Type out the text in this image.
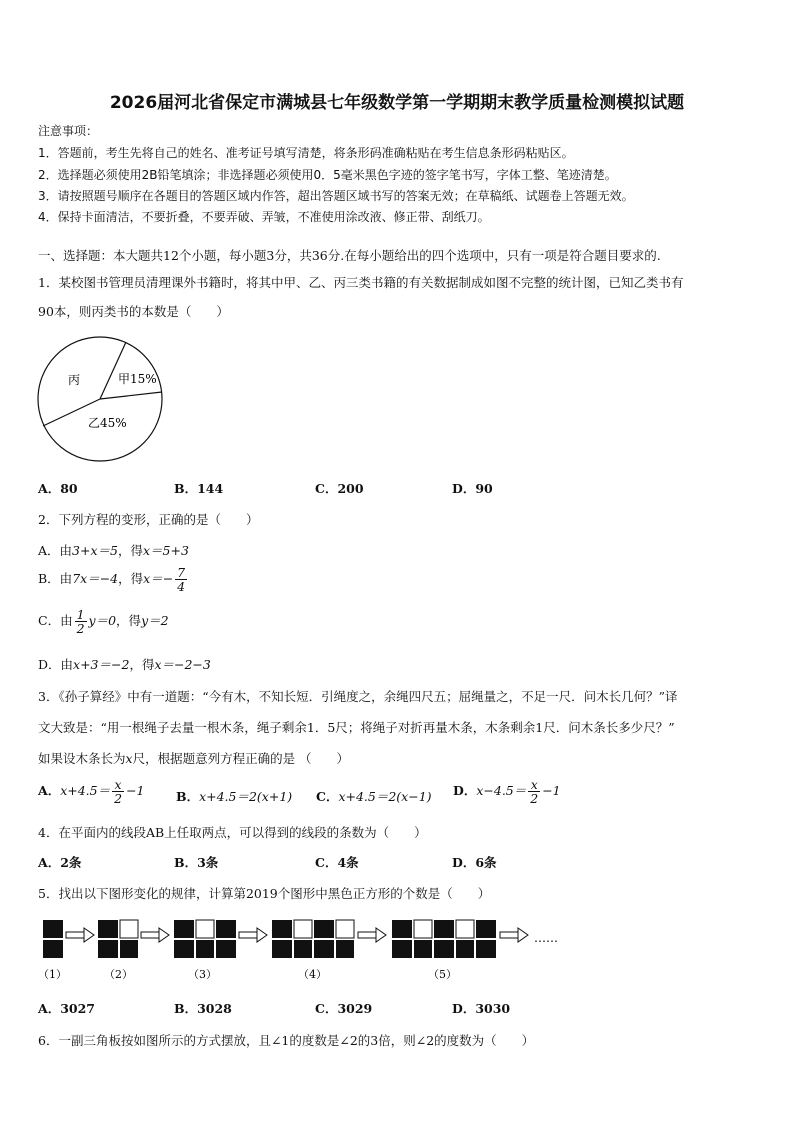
2026届河北省保定市满城县七年级数学第一学期期末教学质量检测模拟试题
注意事项：
1．答题前，考生先将自己的姓名、准考证号填写清楚，将条形码准确粘贴在考生信息条形码粘贴区。
2．选择题必须使用2B铅笔填涂；非选择题必须使用0．5毫米黑色字迹的签字笔书写，字体工整、笔迹清楚。
3．请按照题号顺序在各题目的答题区域内作答，超出答题区域书写的答案无效；在草稿纸、试题卷上答题无效。
4．保持卡面清洁，不要折叠，不要弄破、弄皱，不准使用涂改液、修正带、刮纸刀。
一、选择题：本大题共12个小题，每小题3分，共36分.在每小题给出的四个选项中，只有一项是符合题目要求的.
1．某校图书管理员清理课外书籍时，将其中甲、乙、丙三类书籍的有关数据制成如图不完整的统计图，已知乙类书有
90本，则丙类书的本数是（　　）
丙	甲15%
乙45%
A．80	B．144	C．200	D．90
2．下列方程的变形，正确的是（　　）
A．由3+x＝5，得x＝5+3
B．由7x＝−4，得$x=- \frac{7}{4}$
C．由 $\frac{1}{2} y=0$，得y＝2
D．由x+3＝−2，得x＝−2−3
3．《孙子算经》中有一道题：“今有木，不知长短．引绳度之，余绳四尺五；屈绳量之，不足一尺．问木长几何？”译
文大致是：“用一根绳子去量一根木条，绳子剩余1．5尺；将绳子对折再量木条，木条剩余1尺．问木条长多少尺？”
如果设木条长为x尺，根据题意列方程正确的是 （　　）
A．$x+4.5= \frac{x}{2} -1$	B．x+4.5＝2(x+1) C．x+4.5＝2(x−1) D．$x-4.5= \frac{x}{2} -1$
4．在平面内的线段AB上任取两点，可以得到的线段的条数为（　　）
A．2条	B．3条	C．4条	D．6条
5．找出以下图形变化的规律，计算第2019个图形中黑色正方形的个数是（　　）
……
（1）	（2）	（3）	（4）	（5）
A．3027	B．3028	C．3029	D．3030
6．一副三角板按如图所示的方式摆放，且∠1的度数是∠2的3倍，则∠2的度数为（　　）
